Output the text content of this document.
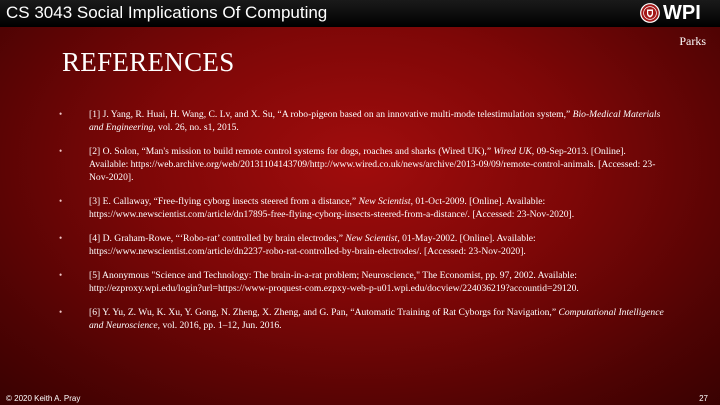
CS 3043 Social Implications Of Computing	WPI
Parks
REFERENCES
•	[1] J. Yang, R. Huai, H. Wang, C. Lv, and X. Su, “A robo-pigeon based on an innovative multi-mode telestimulation system,” Bio-Medical Materials and Engineering, vol. 26, no. s1, 2015.
•	[2] O. Solon, “Man's mission to build remote control systems for dogs, roaches and sharks (Wired UK),” Wired UK, 09-Sep-2013. [Online]. Available: https://web.archive.org/web/20131104143709/http://www.wired.co.uk/news/archive/2013-09/09/remote-control-animals. [Accessed: 23-Nov-2020].
•	[3] E. Callaway, “Free-flying cyborg insects steered from a distance,” New Scientist, 01-Oct-2009. [Online]. Available: https://www.newscientist.com/article/dn17895-free-flying-cyborg-insects-steered-from-a-distance/. [Accessed: 23-Nov-2020].
•	[4] D. Graham-Rowe, “‘Robo-rat’ controlled by brain electrodes,” New Scientist, 01-May-2002. [Online]. Available: https://www.newscientist.com/article/dn2237-robo-rat-controlled-by-brain-electrodes/. [Accessed: 23-Nov-2020].
•	[5] Anonymous "Science and Technology: The brain-in-a-rat problem; Neuroscience," The Economist, pp. 97, 2002. Available: http://ezproxy.wpi.edu/login?url=https://www-proquest-com.ezpxy-web-p-u01.wpi.edu/docview/224036219?accountid=29120.
•	[6] Y. Yu, Z. Wu, K. Xu, Y. Gong, N. Zheng, X. Zheng, and G. Pan, “Automatic Training of Rat Cyborgs for Navigation,” Computational Intelligence and Neuroscience, vol. 2016, pp. 1–12, Jun. 2016.
© 2020 Keith A. Pray	27
